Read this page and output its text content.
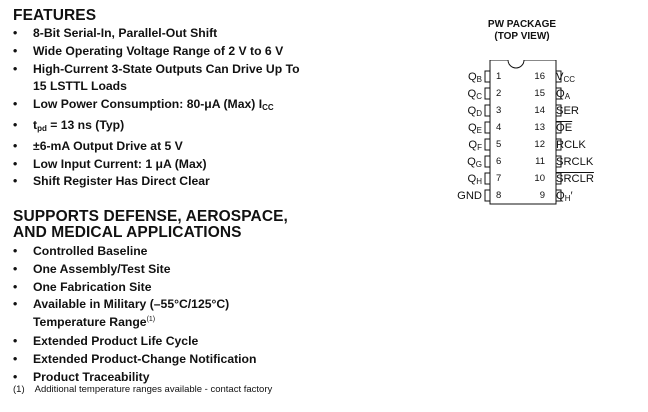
FEATURES
• 8-Bit Serial-In, Parallel-Out Shift
• Wide Operating Voltage Range of 2 V to 6 V
• High-Current 3-State Outputs Can Drive Up To
15 LSTTL Loads
• Low Power Consumption: 80-μA (Max) $I_{CC}$
• $t_{pd} = 13$ ns (Typ)
• ±6-mA Output Drive at 5 V
• Low Input Current: 1 μA (Max)
• Shift Register Has Direct Clear
SUPPORTS DEFENSE, AEROSPACE,
AND MEDICAL APPLICATIONS
• Controlled Baseline
• One Assembly/Test Site
• One Fabrication Site
• Available in Military (–55°C/125°C)
Temperature Range$^{(1)}$
• Extended Product Life Cycle
• Extended Product-Change Notification
• Product Traceability
(1) Additional temperature ranges available - contact factory
PW PACKAGE
(TOP VIEW)
$Q_B$ 1
$Q_C$ 2
$Q_D$ 3
$Q_E$ 4
$Q_F$ 5
$Q_G$ 6
$Q_H$ 7
GND 8
16 $V_{CC}$
15 $Q_A$
14 SER
13 $\overline{OE}$
12 RCLK
11 SRCLK
10 SRCLR
9 $Q_H'$
